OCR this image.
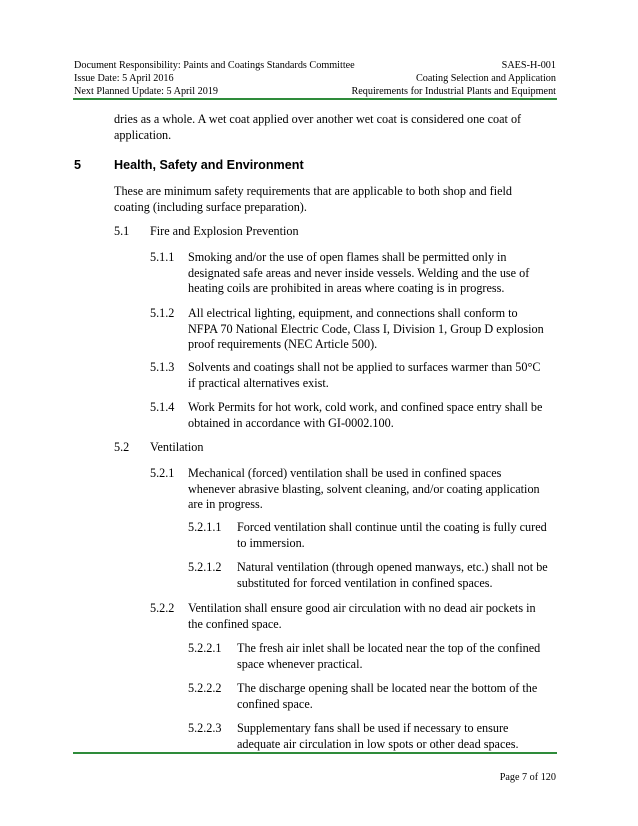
Document Responsibility: Paints and Coatings Standards Committee	SAES-H-001
Issue Date: 5 April 2016	Coating Selection and Application
Next Planned Update: 5 April 2019	Requirements for Industrial Plants and Equipment
dries as a whole. A wet coat applied over another wet coat is considered one coat of
application.
5	Health, Safety and Environment
These are minimum safety requirements that are applicable to both shop and field
coating (including surface preparation).
5.1 Fire and Explosion Prevention
5.1.1 Smoking and/or the use of open flames shall be permitted only in
designated safe areas and never inside vessels. Welding and the use of
heating coils are prohibited in areas where coating is in progress.
5.1.2 All electrical lighting, equipment, and connections shall conform to
NFPA 70 National Electric Code, Class I, Division 1, Group D explosion
proof requirements (NEC Article 500).
5.1.3 Solvents and coatings shall not be applied to surfaces warmer than 50°C
if practical alternatives exist.
5.1.4 Work Permits for hot work, cold work, and confined space entry shall be
obtained in accordance with GI-0002.100.
5.2 Ventilation
5.2.1 Mechanical (forced) ventilation shall be used in confined spaces
whenever abrasive blasting, solvent cleaning, and/or coating application
are in progress.
5.2.1.1 Forced ventilation shall continue until the coating is fully cured
to immersion.
5.2.1.2 Natural ventilation (through opened manways, etc.) shall not be
substituted for forced ventilation in confined spaces.
5.2.2 Ventilation shall ensure good air circulation with no dead air pockets in
the confined space.
5.2.2.1 The fresh air inlet shall be located near the top of the confined
space whenever practical.
5.2.2.2 The discharge opening shall be located near the bottom of the
confined space.
5.2.2.3 Supplementary fans shall be used if necessary to ensure
adequate air circulation in low spots or other dead spaces.
Page 7 of 120
